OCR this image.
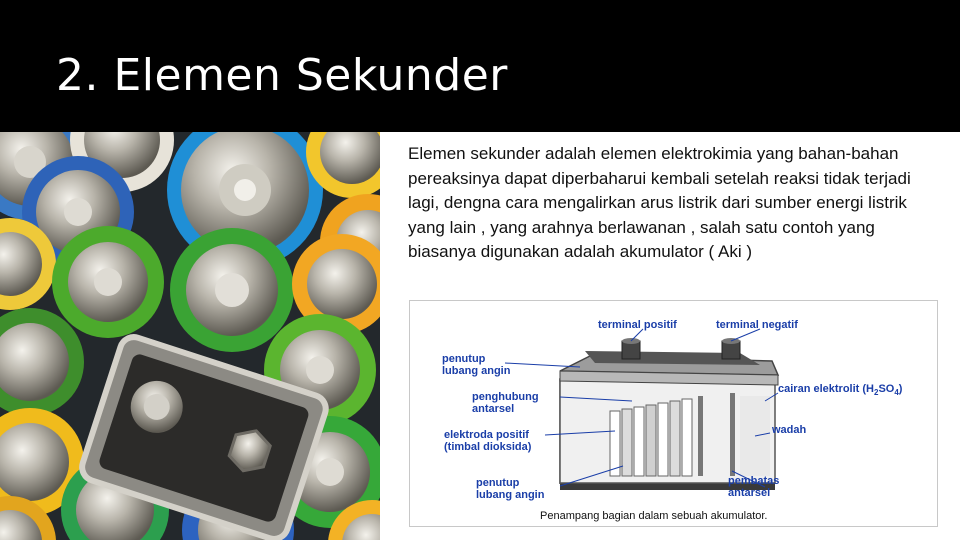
2. Elemen Sekunder

Elemen sekunder adalah elemen elektrokimia yang bahan-bahan pereaksinya dapat diperbaharui kembali setelah reaksi tidak terjadi lagi, dengna cara mengalirkan arus listrik dari sumber energi listrik yang lain , yang arahnya berlawanan , salah satu contoh yang biasanya digunakan adalah akumulator ( Aki )

terminal positif	terminal negatif
penutup
lubang angin
penghubung
antarsel
elektroda positif
(timbal dioksida)
penutup
lubang angin
cairan elektrolit $(H_2SO_4)$
wadah
pembatas
antarsel
Penampang bagian dalam sebuah akumulator.
